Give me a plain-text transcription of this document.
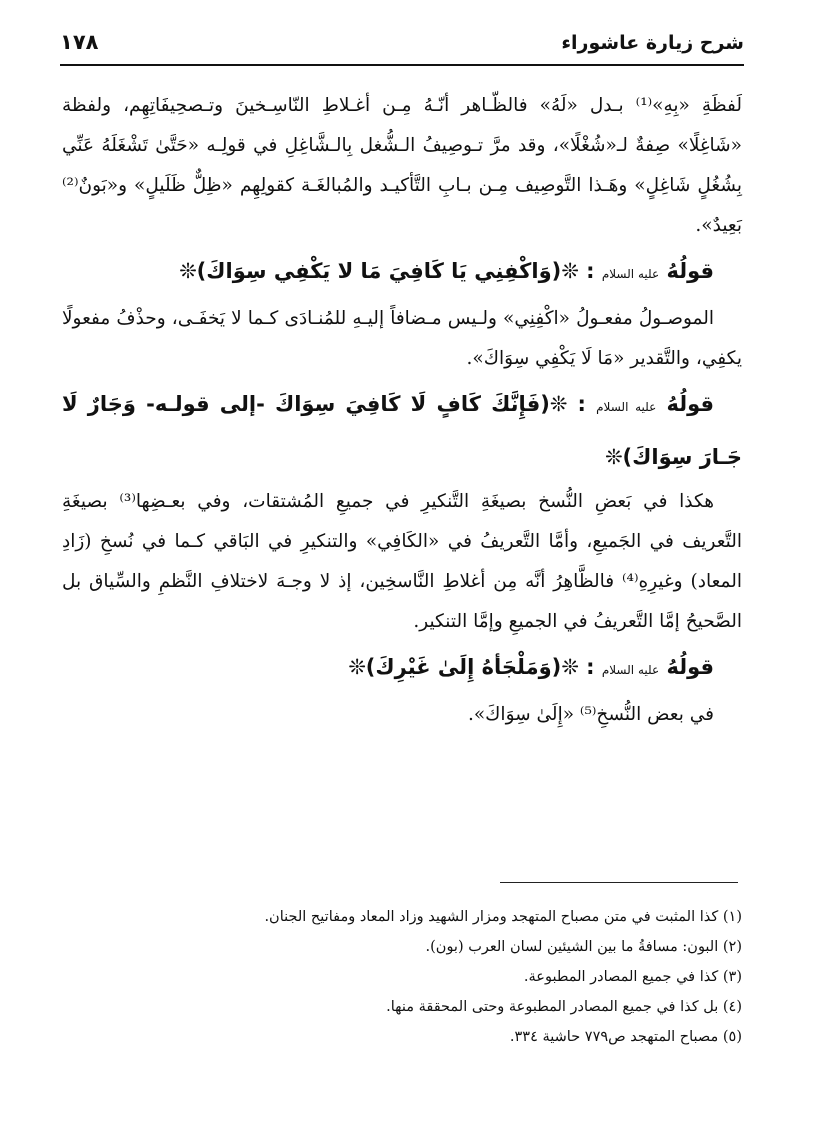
شرح زيارة عاشوراء
١٧٨

لَفظَةِ «بِهِ»⁽¹⁾ بـدل «لَهُ» فالظّـاهر أنّـهُ مِـن أغـلاطِ النّاسِـخينَ وتـصحِيفَاتِهِم، ولفظة «شَاغِلًا» صِفةٌ لـ«شُغْلًا»، وقد مرَّ تـوصِيفُ الـشُّغل بِالـشَّاغِلِ في قولِـه «حَتَّىٰ تَشْغَلَهُ عَنِّي بِشُغُلٍ شَاغِلٍ» وهَـذا التَّوصِيف مِـن بـابِ التَّأكيـد والمُبالغَـة كقولِهِم «ظِلٌّ ظَلَيلٍ» و«بَونٌ⁽²⁾ بَعِيدٌ».

قولُهُ عليه السلام : ❊(وَاكْفِنِي يَا كَافِيَ مَا لا يَكْفِي سِوَاكَ)❊

الموصـولُ مفعـولُ «اكْفِنِي» ولـيس مـضافاً إليـهِ للمُنـادَى كـما لا يَخفَـى، وحذْفُ مفعولًا يكفِي، والتَّقدير «مَا لَا يَكْفِي سِوَاكَ».

قولُهُ عليه السلام : ❊(فَإِنَّكَ كَافٍ لَا كَافِيَ سِوَاكَ -إلى قولـه- وَجَارٌ لَا جَـارَ سِوَاكَ)❊

هكذا في بَعضِ النُّسخ بصيغَةِ التَّنكيرِ في جميعِ المُشتقات، وفي بعـضِها⁽³⁾ بصيغَةِ التَّعريف في الجَميعِ، وأمَّا التَّعريفُ في «الكَافِي» والتنكيرِ في البَاقي كـما في نُسخِ (زَادِ المعاد) وغيرِهِ⁽⁴⁾ فالظَّاهِرُ أنَّه مِن أغلاطِ النَّاسخِين، إذ لا وجـهَ لاختلافِ النَّظمِ والسِّياق بل الصَّحيحُ إمَّا التَّعريفُ في الجميعِ وإمَّا التنكير.

قولُهُ عليه السلام : ❊(وَمَلْجَأهُ إِلَىٰ غَيْرِكَ)❊

في بعض النُّسخِ⁽⁵⁾ «إِلَىٰ سِوَاكَ».

(١) كذا المثبت في متن مصباح المتهجد ومزار الشهيد وزاد المعاد ومفاتيح الجنان.

(٢) البون: مسافةُ ما بين الشيئين لسان العرب (بون).

(٣) كذا في جميع المصادر المطبوعة.

(٤) بل كذا في جميع المصادر المطبوعة وحتى المحققة منها.

(٥) مصباح المتهجد ص٧٧٩ حاشية ٣٣٤.
